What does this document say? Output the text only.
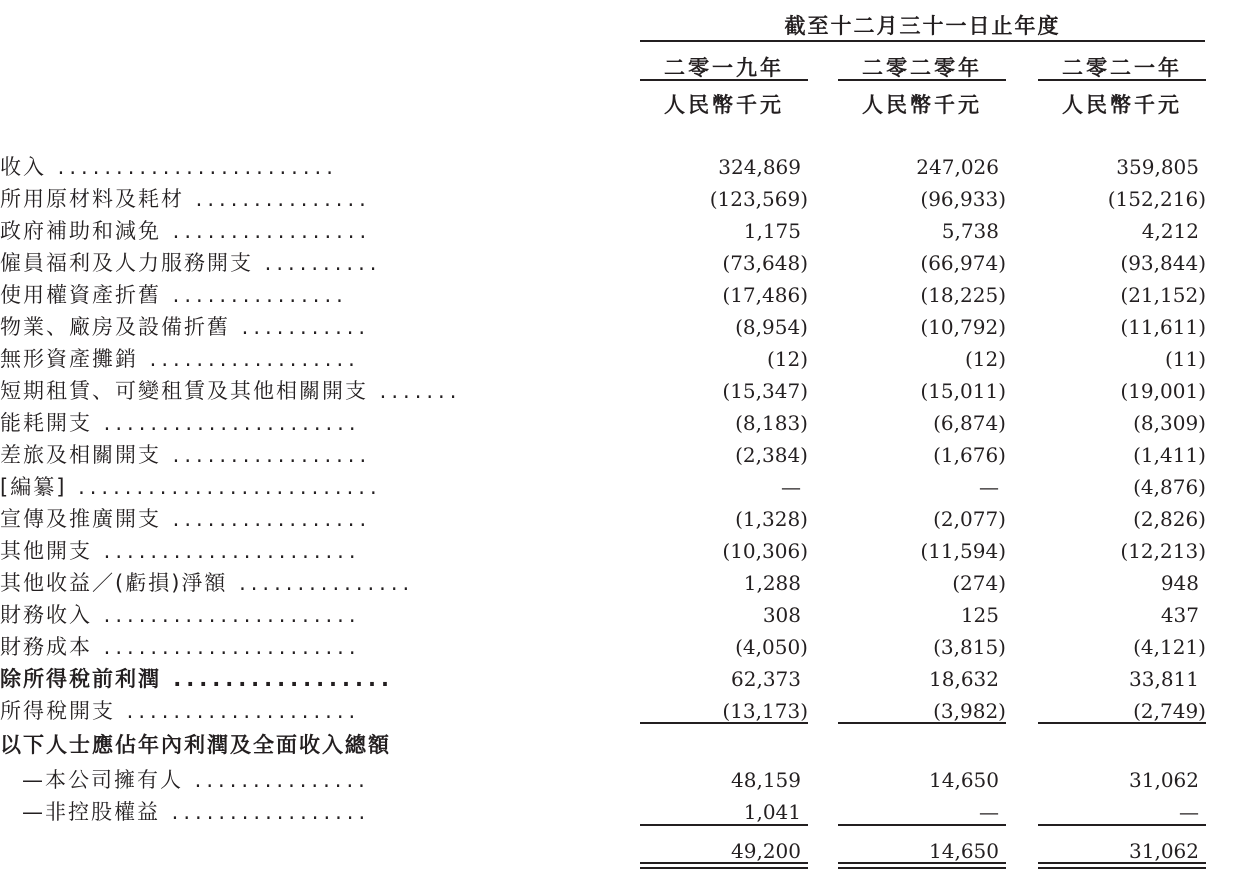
截至十二月三十一日止年度
二零一九年	二零二零年	二零二一年
人民幣千元	人民幣千元	人民幣千元
收入 ........................	324,869	247,026	359,805
所用原材料及耗材 ...............	(123,569)	(96,933)	(152,216)
政府補助和減免 .................	1,175	5,738	4,212
僱員福利及人力服務開支 ..........	(73,648)	(66,974)	(93,844)
使用權資產折舊 ...............	(17,486)	(18,225)	(21,152)
物業、廠房及設備折舊 ...........	(8,954)	(10,792)	(11,611)
無形資產攤銷 ..................	(12)	(12)	(11)
短期租賃、可變租賃及其他相關開支 .......	(15,347)	(15,011)	(19,001)
能耗開支 ......................	(8,183)	(6,874)	(8,309)
差旅及相關開支 .................	(2,384)	(1,676)	(1,411)
[編纂] ..........................	—	—	(4,876)
宣傳及推廣開支 .................	(1,328)	(2,077)	(2,826)
其他開支 ......................	(10,306)	(11,594)	(12,213)
其他收益／(虧損)淨額 ...............	1,288	(274)	948
財務收入 ......................	308	125	437
財務成本 ......................	(4,050)	(3,815)	(4,121)
除所得稅前利潤 .................	62,373	18,632	33,811
所得稅開支 ....................	(13,173)	(3,982)	(2,749)
以下人士應佔年內利潤及全面收入總額
—本公司擁有人 ...............	48,159	14,650	31,062
—非控股權益 .................	1,041	—	—
49,200	14,650	31,062
